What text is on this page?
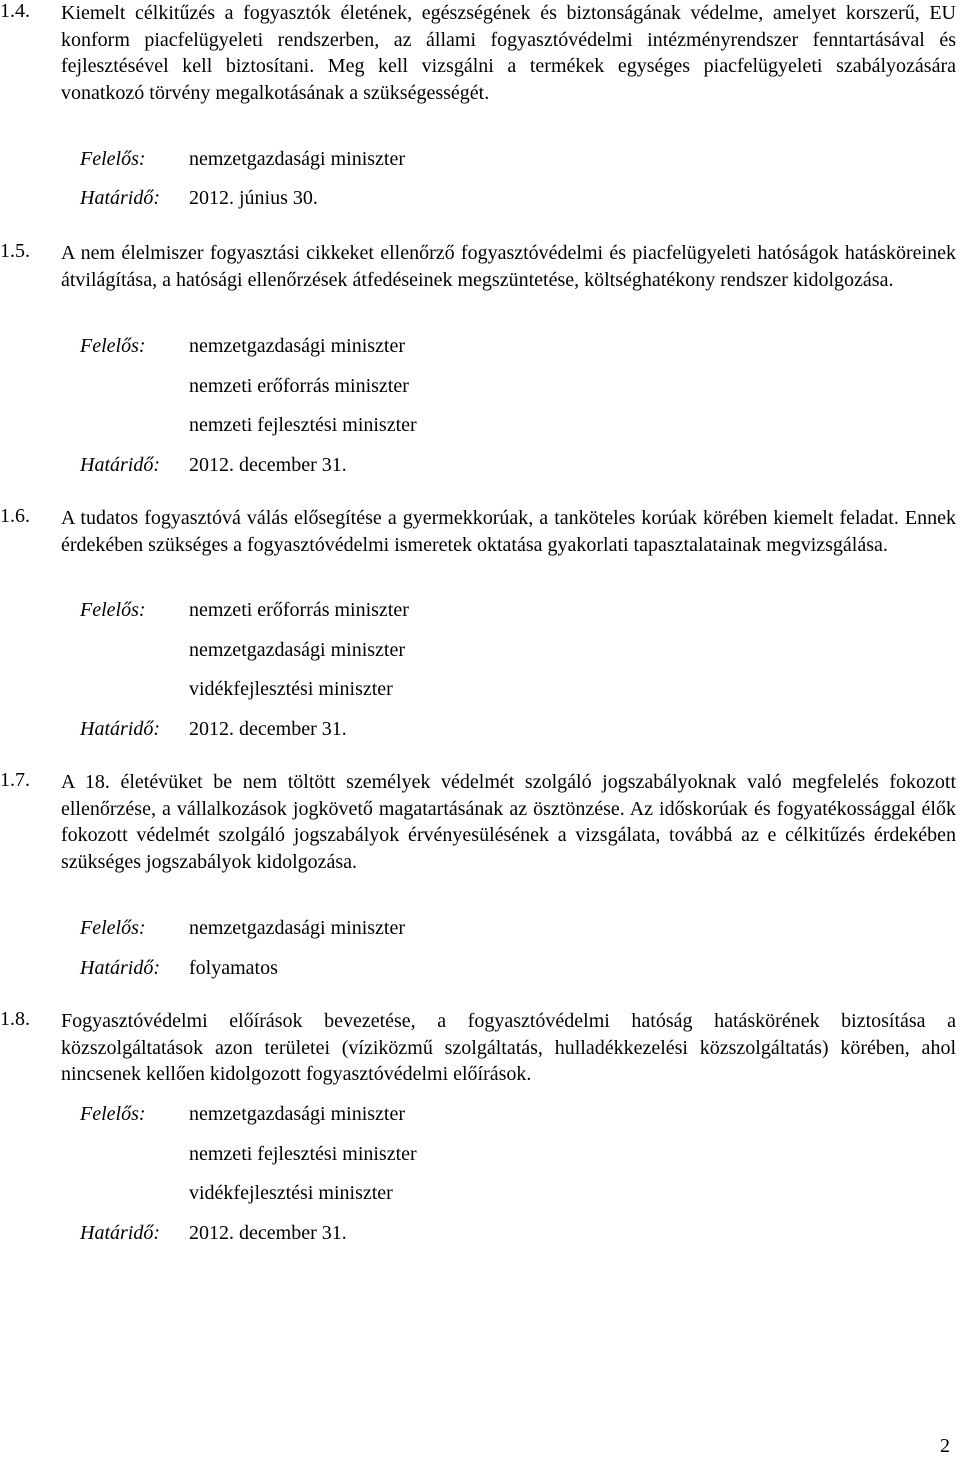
1.4. Kiemelt célkitűzés a fogyasztók életének, egészségének és biztonságának védelme, amelyet korszerű, EU konform piacfelügyeleti rendszerben, az állami fogyasztóvédelmi intézményrendszer fenntartásával és fejlesztésével kell biztosítani. Meg kell vizsgálni a termékek egységes piacfelügyeleti szabályozására vonatkozó törvény megalkotásának a szükségességét.
Felelős: nemzetgazdasági miniszter
Határidő: 2012. június 30.
1.5. A nem élelmiszer fogyasztási cikkeket ellenőrző fogyasztóvédelmi és piacfelügyeleti hatóságok hatásköreinek átvilágítása, a hatósági ellenőrzések átfedéseinek megszüntetése, költséghatékony rendszer kidolgozása.
Felelős: nemzetgazdasági miniszter
nemzeti erőforrás miniszter
nemzeti fejlesztési miniszter
Határidő: 2012. december 31.
1.6. A tudatos fogyasztóvá válás elősegítése a gyermekkorúak, a tanköteles korúak körében kiemelt feladat. Ennek érdekében szükséges a fogyasztóvédelmi ismeretek oktatása gyakorlati tapasztalatainak megvizsgálása.
Felelős: nemzeti erőforrás miniszter
nemzetgazdasági miniszter
vidékfejlesztési miniszter
Határidő: 2012. december 31.
1.7. A 18. életévüket be nem töltött személyek védelmét szolgáló jogszabályoknak való megfelelés fokozott ellenőrzése, a vállalkozások jogkövető magatartásának az ösztönzése. Az időskorúak és fogyatékossággal élők fokozott védelmét szolgáló jogszabályok érvényesülésének a vizsgálata, továbbá az e célkitűzés érdekében szükséges jogszabályok kidolgozása.
Felelős: nemzetgazdasági miniszter
Határidő: folyamatos
1.8. Fogyasztóvédelmi előírások bevezetése, a fogyasztóvédelmi hatóság hatáskörének biztosítása a közszolgáltatások azon területei (víziközmű szolgáltatás, hulladékkezelési közszolgáltatás) körében, ahol nincsenek kellően kidolgozott fogyasztóvédelmi előírások.
Felelős: nemzetgazdasági miniszter
nemzeti fejlesztési miniszter
vidékfejlesztési miniszter
Határidő: 2012. december 31.
2
